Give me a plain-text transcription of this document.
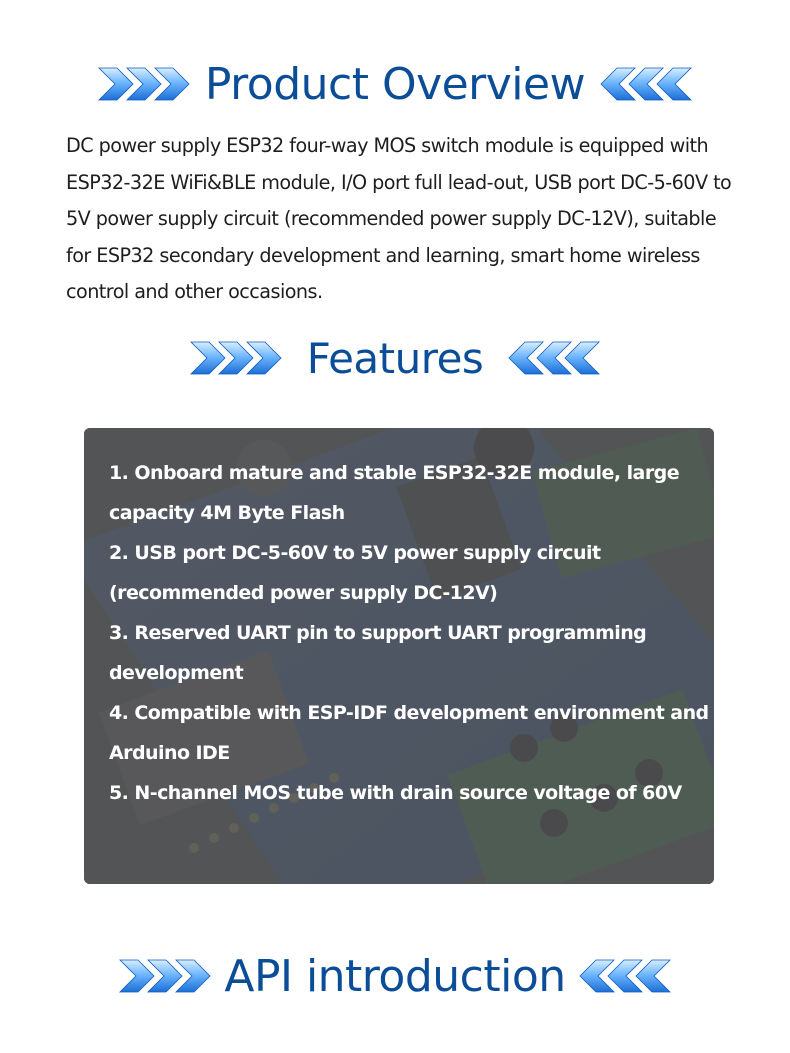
Product Overview

DC power supply ESP32 four-way MOS switch module is equipped with ESP32-32E WiFi&BLE module, I/O port full lead-out, USB port DC-5-60V to 5V power supply circuit (recommended power supply DC-12V), suitable for ESP32 secondary development and learning, smart home wireless control and other occasions.

Features
1. Onboard mature and stable ESP32-32E module, large capacity 4M Byte Flash
2. USB port DC-5-60V to 5V power supply circuit (recommended power supply DC-12V)
3. Reserved UART pin to support UART programming development
4. Compatible with ESP-IDF development environment and Arduino IDE
5. N-channel MOS tube with drain source voltage of 60V
API introduction
